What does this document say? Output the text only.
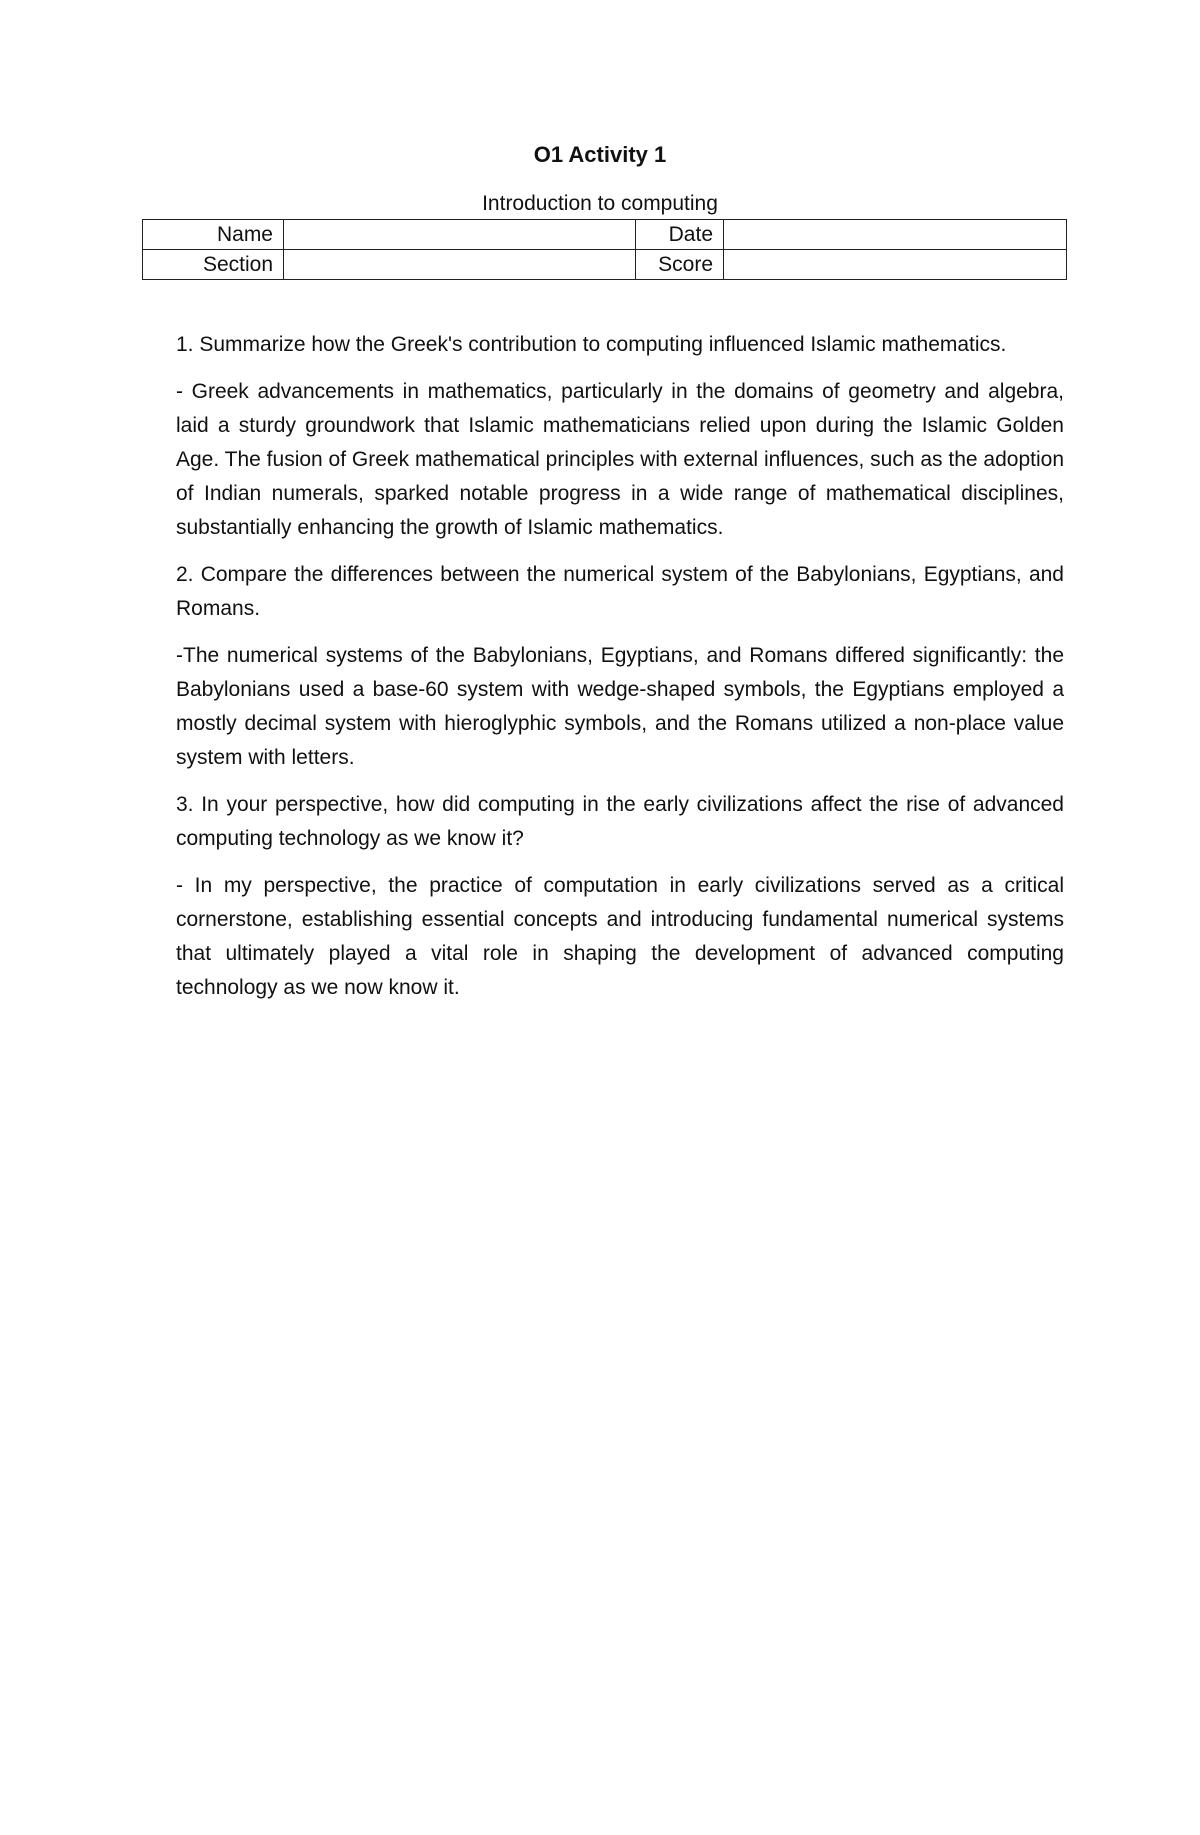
O1 Activity 1
Introduction to computing
Name		Date	
Section		Score	

1. Summarize how the Greek's contribution to computing influenced Islamic mathematics.

- Greek advancements in mathematics, particularly in the domains of geometry and algebra, laid a sturdy groundwork that Islamic mathematicians relied upon during the Islamic Golden Age. The fusion of Greek mathematical principles with external influences, such as the adoption of Indian numerals, sparked notable progress in a wide range of mathematical disciplines, substantially enhancing the growth of Islamic mathematics.

2. Compare the differences between the numerical system of the Babylonians, Egyptians, and Romans.

-The numerical systems of the Babylonians, Egyptians, and Romans differed significantly: the Babylonians used a base-60 system with wedge-shaped symbols, the Egyptians employed a mostly decimal system with hieroglyphic symbols, and the Romans utilized a non-place value system with letters.

3. In your perspective, how did computing in the early civilizations affect the rise of advanced computing technology as we know it?

- In my perspective, the practice of computation in early civilizations served as a critical cornerstone, establishing essential concepts and introducing fundamental numerical systems that ultimately played a vital role in shaping the development of advanced computing technology as we now know it.
